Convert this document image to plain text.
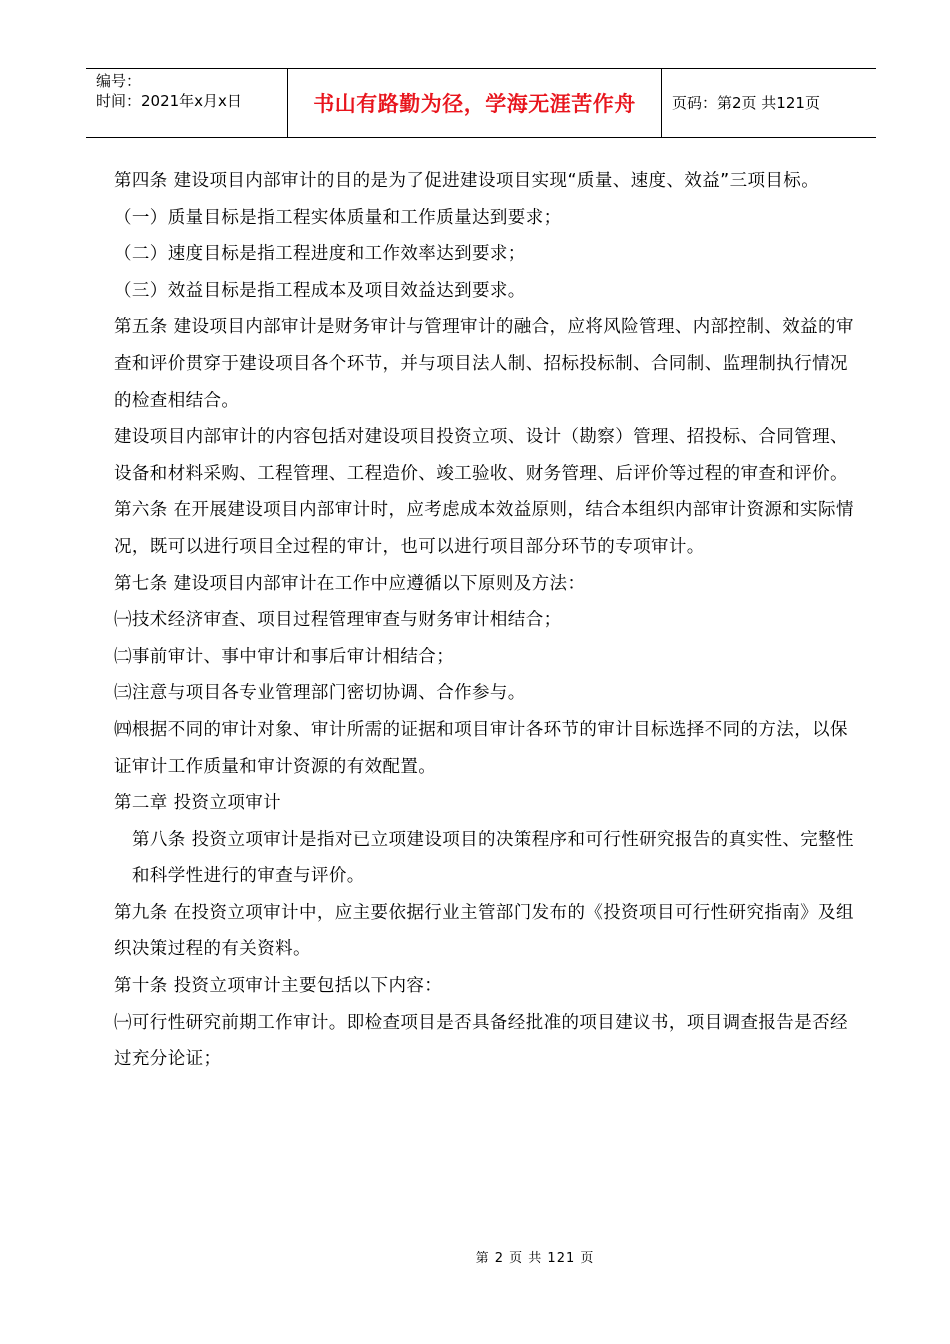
编号：
时间：2021年x月x日	书山有路勤为径，学海无涯苦作舟	页码：第2页 共121页

第四条 建设项目内部审计的目的是为了促进建设项目实现“质量、速度、效益”三项目标。

（一）质量目标是指工程实体质量和工作质量达到要求；

（二）速度目标是指工程进度和工作效率达到要求；

（三）效益目标是指工程成本及项目效益达到要求。

第五条 建设项目内部审计是财务审计与管理审计的融合，应将风险管理、内部控制、效益的审查和评价贯穿于建设项目各个环节，并与项目法人制、招标投标制、合同制、监理制执行情况的检查相结合。

建设项目内部审计的内容包括对建设项目投资立项、设计（勘察）管理、招投标、合同管理、设备和材料采购、工程管理、工程造价、竣工验收、财务管理、后评价等过程的审查和评价。

第六条 在开展建设项目内部审计时，应考虑成本效益原则，结合本组织内部审计资源和实际情况，既可以进行项目全过程的审计，也可以进行项目部分环节的专项审计。

第七条 建设项目内部审计在工作中应遵循以下原则及方法：

㈠技术经济审查、项目过程管理审查与财务审计相结合；

㈡事前审计、事中审计和事后审计相结合；

㈢注意与项目各专业管理部门密切协调、合作参与。

㈣根据不同的审计对象、审计所需的证据和项目审计各环节的审计目标选择不同的方法，以保证审计工作质量和审计资源的有效配置。

第二章 投资立项审计

第八条 投资立项审计是指对已立项建设项目的决策程序和可行性研究报告的真实性、完整性和科学性进行的审查与评价。

第九条 在投资立项审计中，应主要依据行业主管部门发布的《投资项目可行性研究指南》及组织决策过程的有关资料。

第十条 投资立项审计主要包括以下内容：

㈠可行性研究前期工作审计。即检查项目是否具备经批准的项目建议书，项目调查报告是否经过充分论证；

第 2 页 共 121 页
